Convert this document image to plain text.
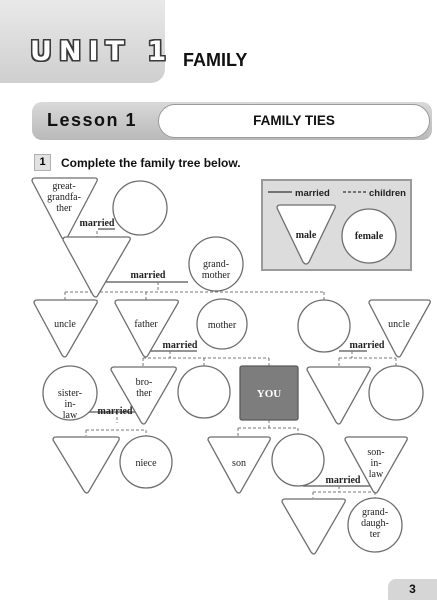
UNIT 1 FAMILY
Lesson 1	FAMILY TIES
1	Complete the family tree below.
married	children
male	female
married
married
married	married
married
married
great-grandfa-ther
grand-mother
uncle	father	mother	uncle
sister-in-law
bro-ther	YOU
niece	son
son-in-law
grand-daugh-ter
3
